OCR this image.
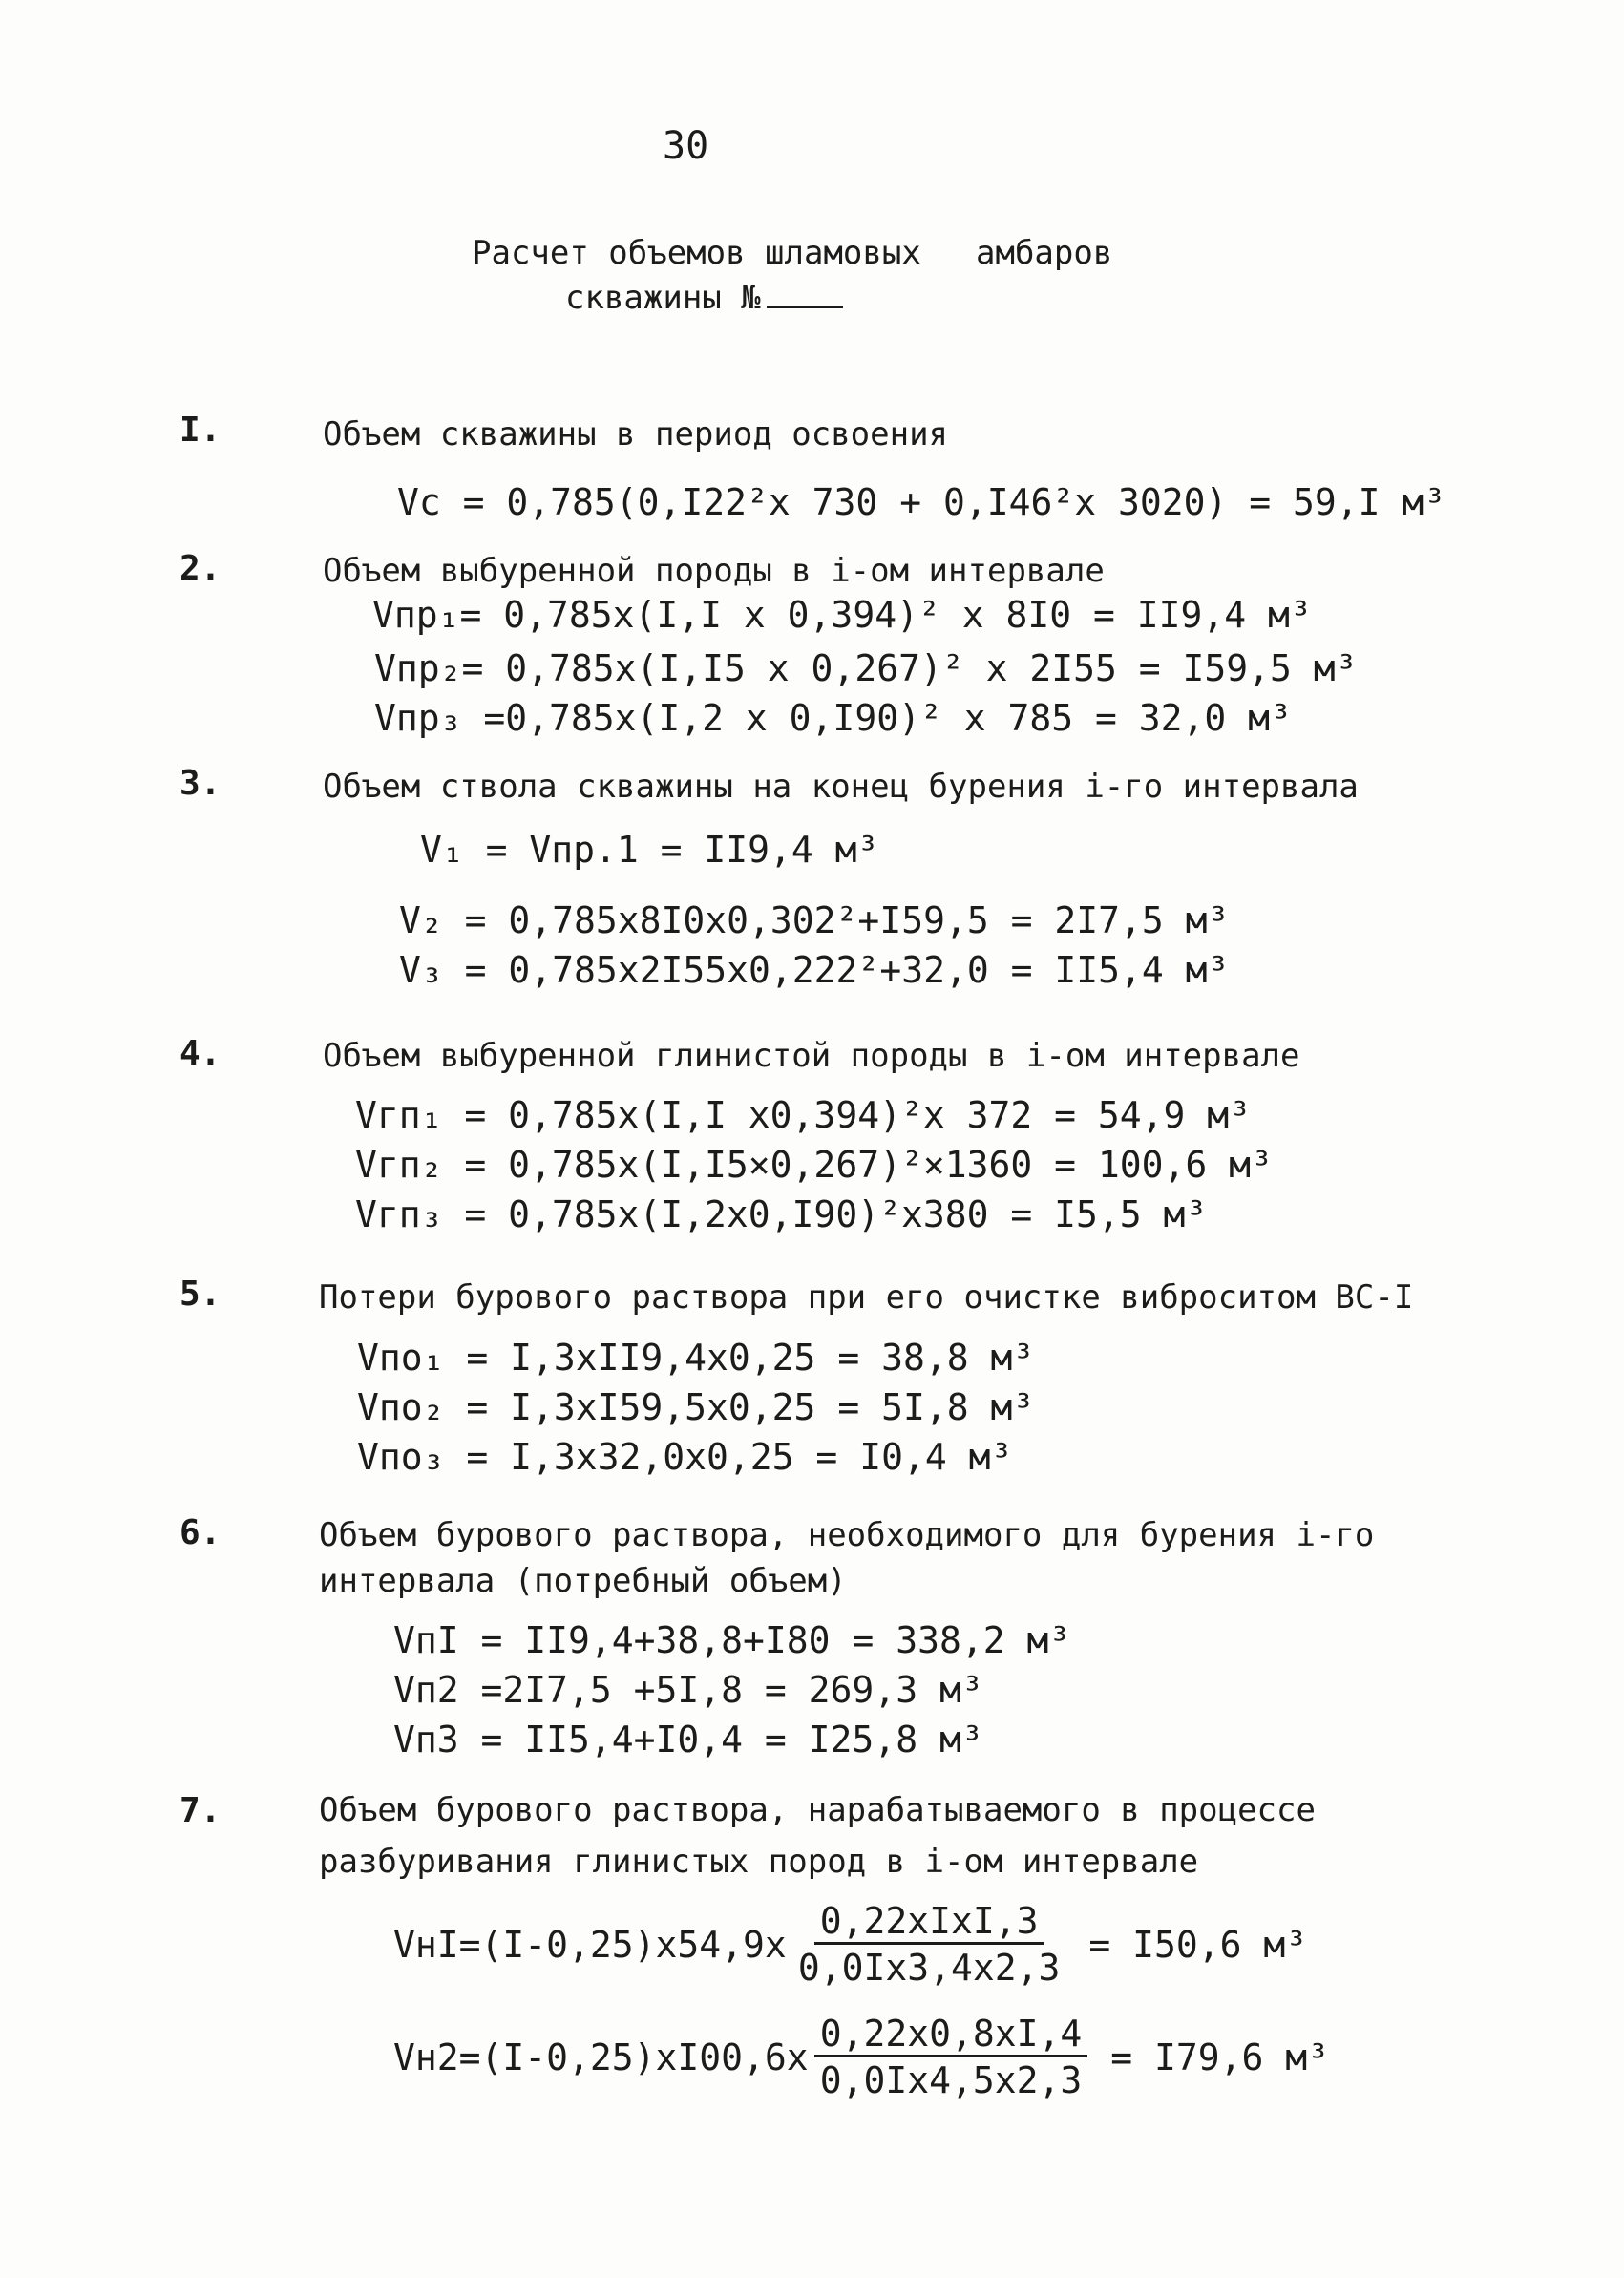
30
Расчет объемов шламовых амбаров
скважины №
I.	Объем скважины в период освоения
Vc = 0,785(0,I22²x 730 + 0,I46²x 3020) = 59,I м³
2.	Объем выбуренной породы в i-ом интервале
Vпр₁= 0,785x(I,I x 0,394)² x 8I0 = II9,4 м³
Vпр₂= 0,785x(I,I5 x 0,267)² x 2I55 = I59,5 м³
Vпр₃ =0,785x(I,2 x 0,I90)² x 785 = 32,0 м³
3.	Объем ствола скважины на конец бурения i-го интервала
V₁ = Vпр.1 = II9,4 м³
V₂ = 0,785x8I0x0,302²+I59,5 = 2I7,5 м³
V₃ = 0,785x2I55x0,222²+32,0 = II5,4 м³
4.	Объем выбуренной глинистой породы в i-ом интервале
Vгп₁ = 0,785x(I,I x0,394)²x 372 = 54,9 м³
Vгп₂ = 0,785x(I,I5×0,267)²×1360 = 100,6 м³
Vгп₃ = 0,785x(I,2x0,I90)²x380 = I5,5 м³
5.	Потери бурового раствора при его очистке виброситом ВС-I
Vпо₁ = I,3xII9,4x0,25 = 38,8 м³
Vпо₂ = I,3xI59,5x0,25 = 5I,8 м³
Vпо₃ = I,3x32,0x0,25 = I0,4 м³
6.	Объем бурового раствора, необходимого для бурения i-го
интервала (потребный объем)
VпI = II9,4+38,8+I80 = 338,2 м³
Vп2 =2I7,5 +5I,8 = 269,3 м³
Vп3 = II5,4+I0,4 = I25,8 м³
7.	Объем бурового раствора, нарабатываемого в процессе
разбуривания глинистых пород в i-ом интервале
$VнI=(I-0,25)x54,9x \frac{\text{0,22xIxI,3}}{0,0Ix3,4x2,3} = I50,6$ м³
$Vн2=(I-0,25)xI00,6x \frac{0,22x0,8xI,4}{0,0Ix4,5x2,3} = I79,6$ м³
